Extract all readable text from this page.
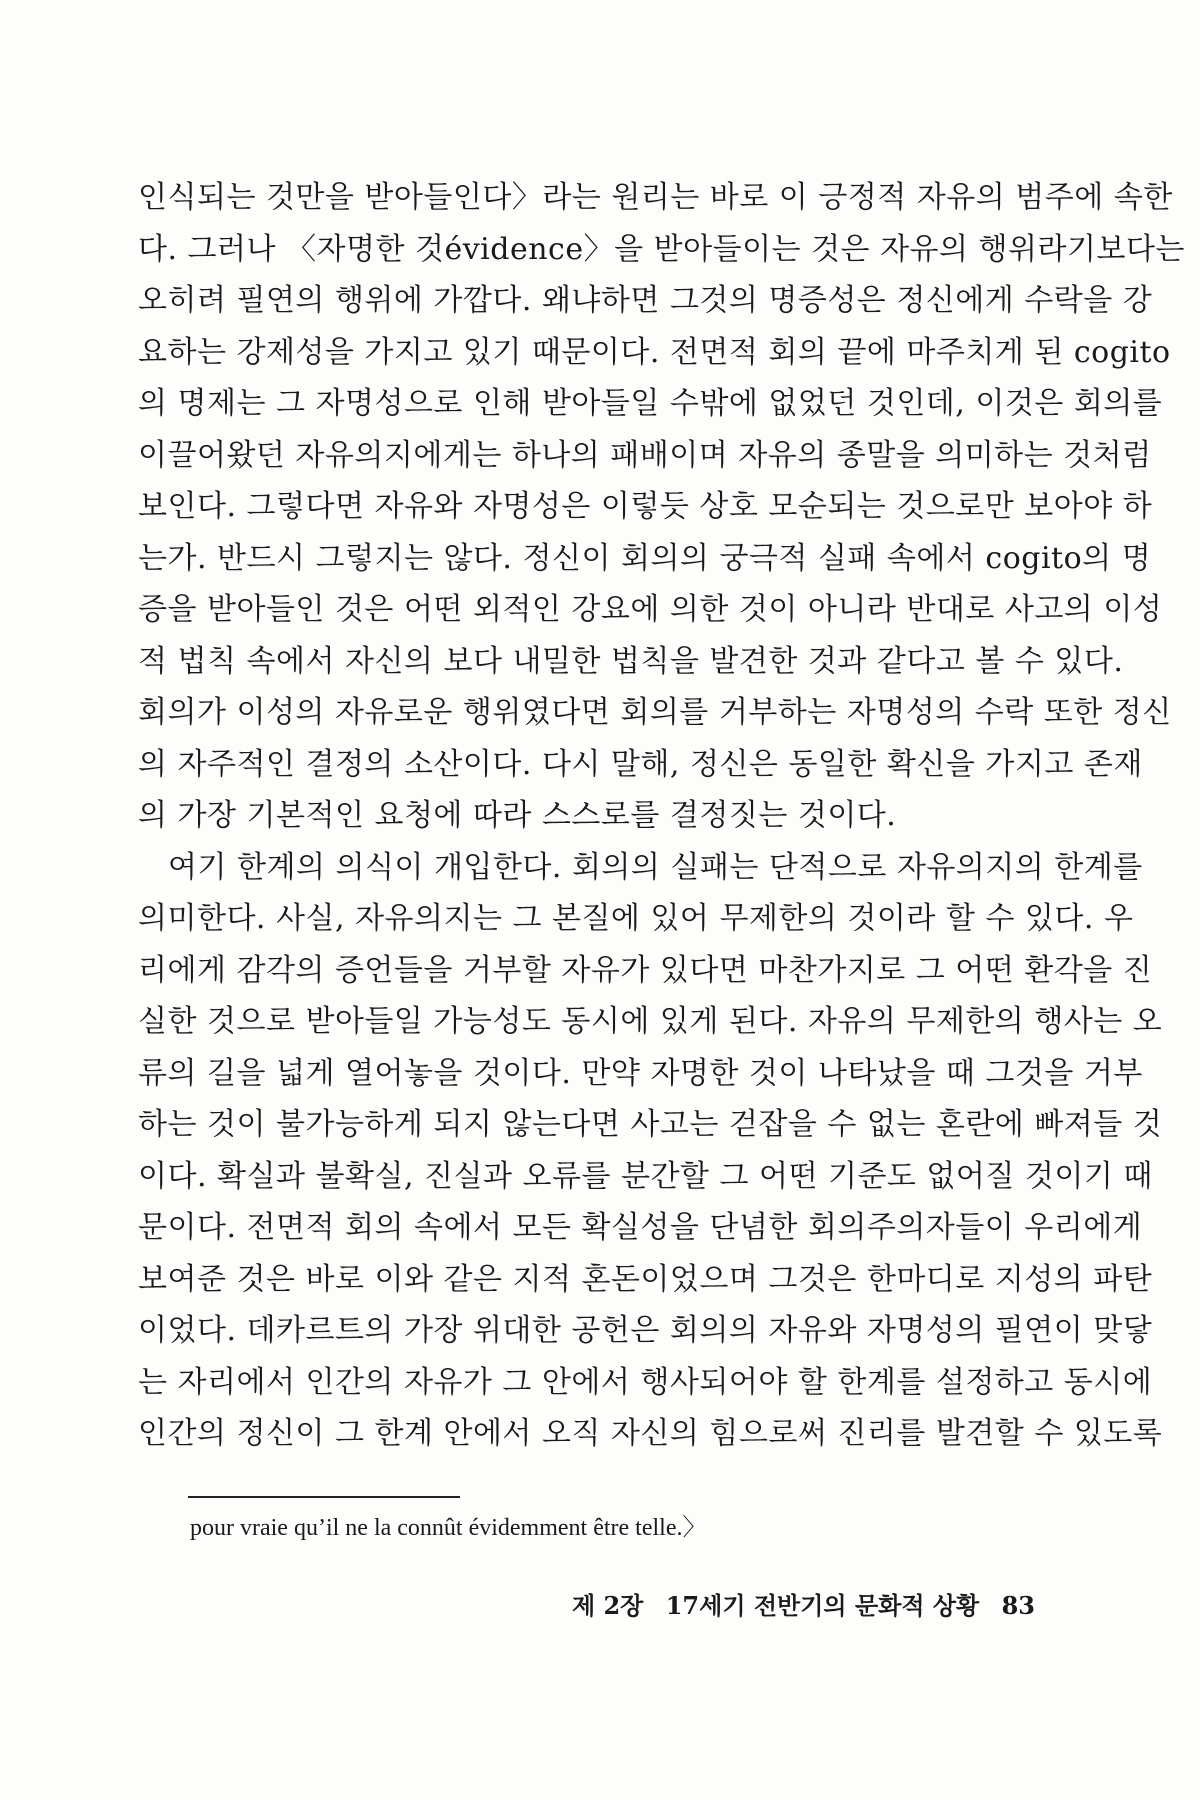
인식되는 것만을 받아들인다〉라는 원리는 바로 이 긍정적 자유의 범주에 속한
다. 그러나 〈자명한 것évidence〉을 받아들이는 것은 자유의 행위라기보다는
오히려 필연의 행위에 가깝다. 왜냐하면 그것의 명증성은 정신에게 수락을 강
요하는 강제성을 가지고 있기 때문이다. 전면적 회의 끝에 마주치게 된 cogito
의 명제는 그 자명성으로 인해 받아들일 수밖에 없었던 것인데, 이것은 회의를
이끌어왔던 자유의지에게는 하나의 패배이며 자유의 종말을 의미하는 것처럼
보인다. 그렇다면 자유와 자명성은 이렇듯 상호 모순되는 것으로만 보아야 하
는가. 반드시 그렇지는 않다. 정신이 회의의 궁극적 실패 속에서 cogito의 명
증을 받아들인 것은 어떤 외적인 강요에 의한 것이 아니라 반대로 사고의 이성
적 법칙 속에서 자신의 보다 내밀한 법칙을 발견한 것과 같다고 볼 수 있다.
회의가 이성의 자유로운 행위였다면 회의를 거부하는 자명성의 수락 또한 정신
의 자주적인 결정의 소산이다. 다시 말해, 정신은 동일한 확신을 가지고 존재
의 가장 기본적인 요청에 따라 스스로를 결정짓는 것이다.
여기 한계의 의식이 개입한다. 회의의 실패는 단적으로 자유의지의 한계를
의미한다. 사실, 자유의지는 그 본질에 있어 무제한의 것이라 할 수 있다. 우
리에게 감각의 증언들을 거부할 자유가 있다면 마찬가지로 그 어떤 환각을 진
실한 것으로 받아들일 가능성도 동시에 있게 된다. 자유의 무제한의 행사는 오
류의 길을 넓게 열어놓을 것이다. 만약 자명한 것이 나타났을 때 그것을 거부
하는 것이 불가능하게 되지 않는다면 사고는 걷잡을 수 없는 혼란에 빠져들 것
이다. 확실과 불확실, 진실과 오류를 분간할 그 어떤 기준도 없어질 것이기 때
문이다. 전면적 회의 속에서 모든 확실성을 단념한 회의주의자들이 우리에게
보여준 것은 바로 이와 같은 지적 혼돈이었으며 그것은 한마디로 지성의 파탄
이었다. 데카르트의 가장 위대한 공헌은 회의의 자유와 자명성의 필연이 맞닿
는 자리에서 인간의 자유가 그 안에서 행사되어야 할 한계를 설정하고 동시에
인간의 정신이 그 한계 안에서 오직 자신의 힘으로써 진리를 발견할 수 있도록
pour vraie qu’il ne la connût évidemment être telle.〉
제 2장 17세기 전반기의 문화적 상황 83
